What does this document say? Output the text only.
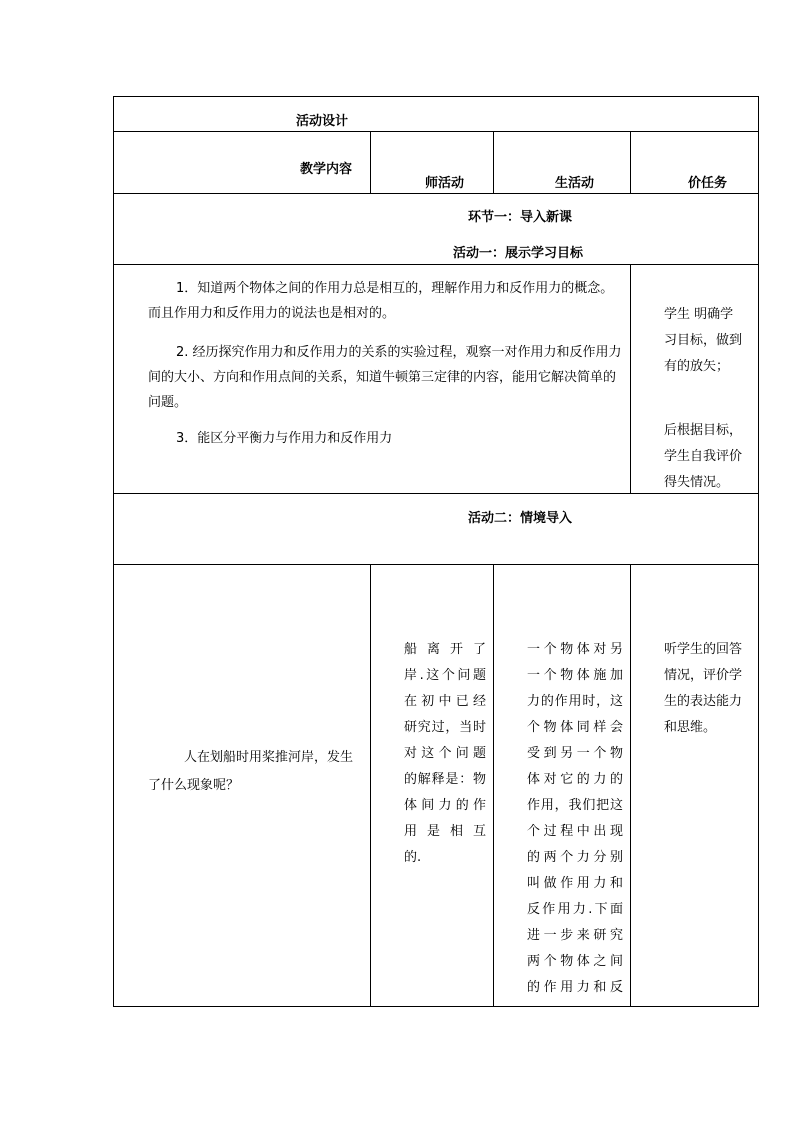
活动设计
教学内容
师活动	生活动	价任务
环节一：导入新课
活动一：展示学习目标
1．知道两个物体之间的作用力总是相互的，理解作用力和反作用力的概念。而且作用力和反作用力的说法也是相对的。
2. 经历探究作用力和反作用力的关系的实验过程，观察一对作用力和反作用力间的大小、方向和作用点间的关系，知道牛顿第三定律的内容，能用它解决简单的问题。
3．能区分平衡力与作用力和反作用力
学生 明确学
习目标，做到
有的放矢；
后根据目标，
学生自我评价
得失情况。
活动二：情境导入
人在划船时用桨推河岸，发生
了什么现象呢？
船 离 开 了
岸.这个问题
在初中已经
研究过，当时
对这个问题
的解释是：物
体间力的作
用 是 相 互
的.
一个物体对另
一个物体施加
力的作用时，这
个物体同样会
受到另一个物
体对它的力的
作用，我们把这
个过程中出现
的两个力分别
叫做作用力和
反作用力.下面
进一步来研究
两个物体之间
的作用力和反
听学生的回答
情况，评价学
生的表达能力
和思维。
